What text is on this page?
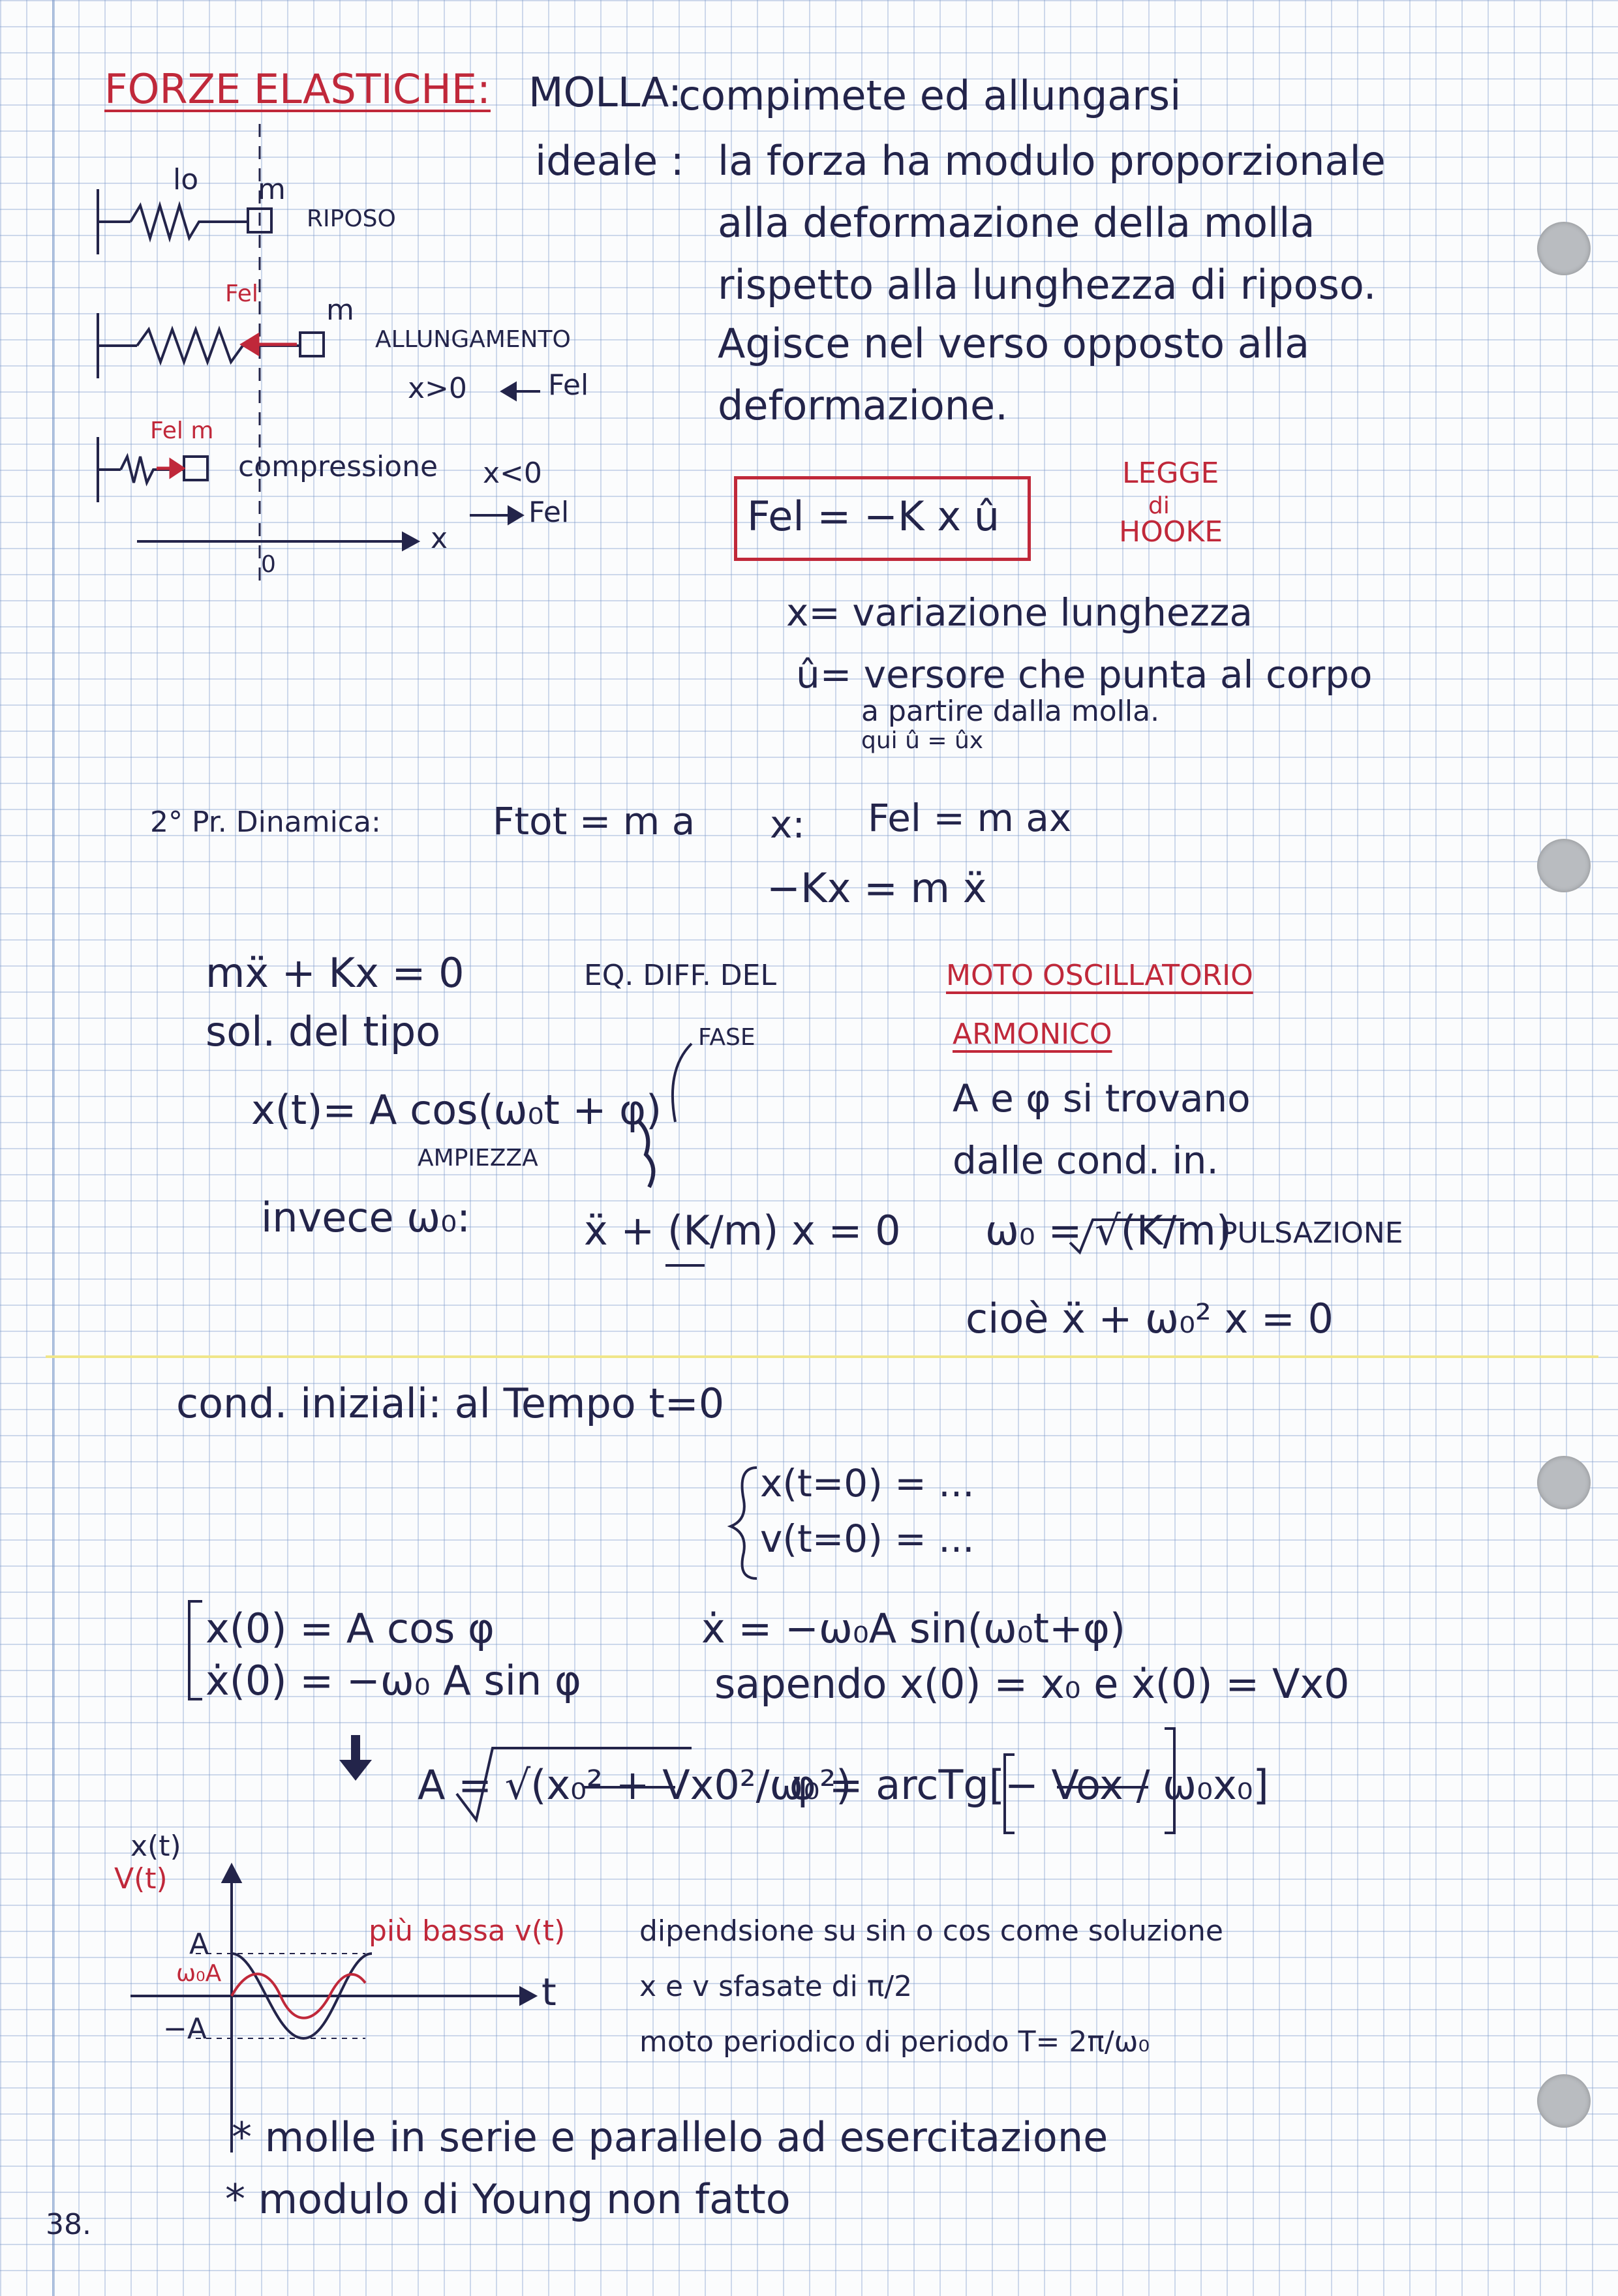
FORZE ELASTICHE: MOLLA:
compimete ed allungarsi
ideale : la forza ha modulo proporzionale
alla deformazione della molla
rispetto alla lunghezza di riposo.
Agisce nel verso opposto alla
deformazione.
lo m
RIPOSO
Fel m
ALLUNGAMENTO
x>0	Fel
Fel m
compressione x<0
Fel
x
0
Fel = −K x û
LEGGE
di
HOOKE
x= variazione lunghezza
û= versore che punta al corpo
a partire dalla molla.
qui û = ûx
2° Pr. Dinamica:	Ftot = m a x: Fel = m ax
−Kx = m ẍ
mẍ + Kx = 0	EQ. DIFF. DEL	MOTO OSCILLATORIO
ARMONICO
sol. del tipo	FASE
x(t)= A cos(ω₀t + φ)
AMPIEZZA
A e φ si trovano
dalle cond. in.
invece ω₀:	ẍ + (K/m) x = 0 ω₀ = √(K/m)
PULSAZIONE
cioè ẍ + ω₀² x = 0
cond. iniziali: al Tempo t=0
x(t=0) = ...
v(t=0) = ...
x(0) = A cos φ
ẋ(0) = −ω₀ A sin φ
ẋ = −ω₀A sin(ω₀t+φ)
sapendo x(0) = x₀ e ẋ(0) = Vx0
A = √(x₀² + Vx0²/ω₀²)
φ = arcTg[− Vox / ω₀x₀]
x(t)
V(t)
A
ω₀A
−A
t
più bassa v(t)	dipendsione su sin o cos come soluzione
x e v sfasate di π/2
moto periodico di periodo T= 2π/ω₀
* molle in serie e parallelo ad esercitazione
* modulo di Young non fatto
38.
